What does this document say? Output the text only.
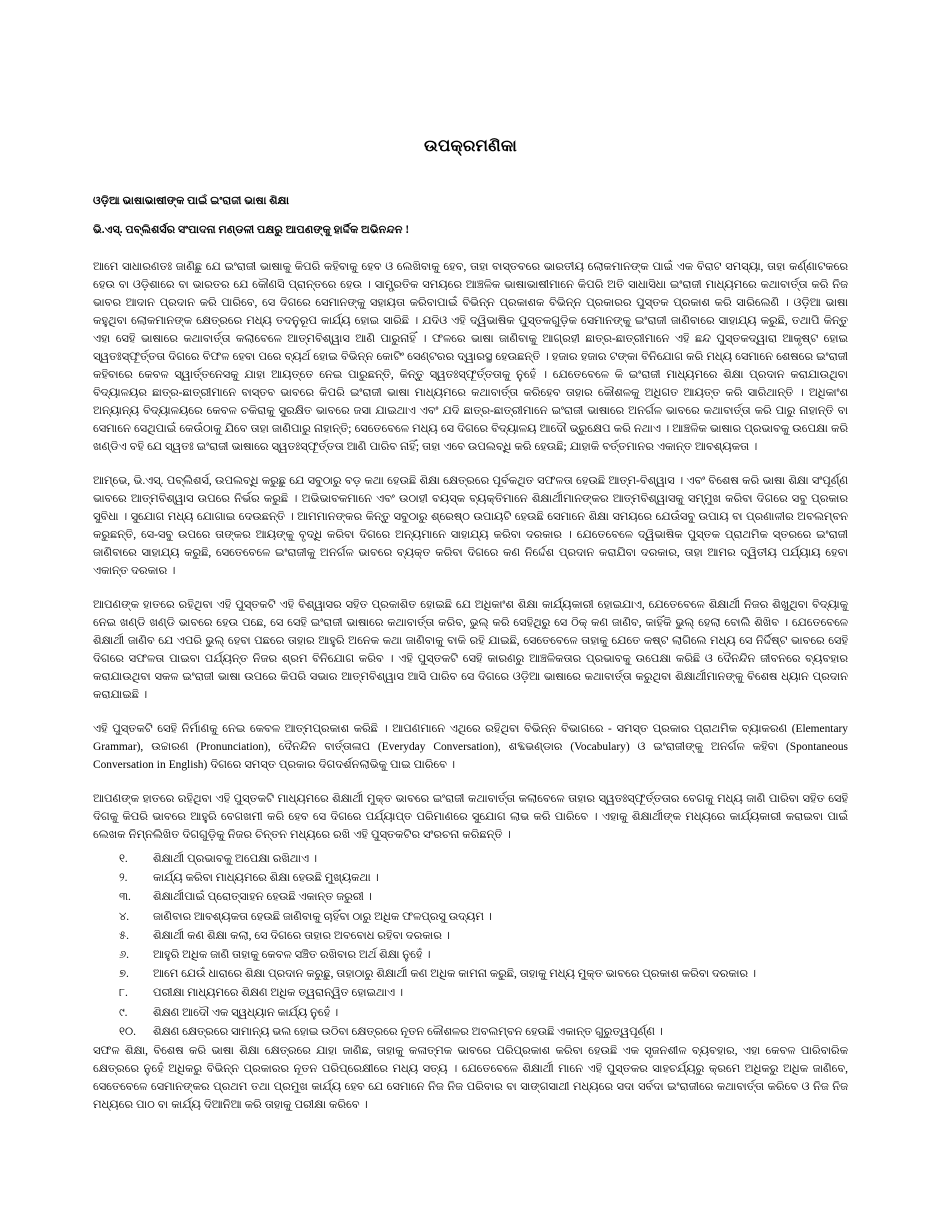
ଉପକ୍ରମଣିକା

ଓଡ଼ିଆ ଭାଷାଭାଷୀଙ୍କ ପାଇଁ ଇଂରାଜୀ ଭାଷା ଶିକ୍ଷା

ଭି.ଏସ୍. ପବ୍ଲିଶର୍ସର ସଂପାଦନା ମଣ୍ଡଳୀ ପକ୍ଷରୁ ଆପଣଙ୍କୁ ହାର୍ଦ୍ଦିକ ଅଭିନନ୍ଦନ !

ଆମେ ସାଧାରଣତଃ ଜାଣିଛୁ ଯେ ଇଂରାଜୀ ଭାଷାକୁ କିପରି କହିବାକୁ ହେବ ଓ ଲେଖିବାକୁ ହେବ, ତାହା ବାସ୍ତବରେ ଭାରତୀୟ ଲୋକମାନଙ୍କ ପାଇଁ ଏକ ବିରାଟ ସମସ୍ୟା, ତାହା କର୍ଣ୍ଣାଟକରେ ହେଉ ବା ଓଡ଼ିଶାରେ ବା ଭାରତର ଯେ କୌଣସି ପ୍ରାନ୍ତରେ ହେଉ । ସାମ୍ପ୍ରତିକ ସମୟରେ ଆଞ୍ଚଳିକ ଭାଷାଭାଷୀମାନେ କିପରି ଅତି ସାଧାସିଧା ଇଂରାଜୀ ମାଧ୍ୟମରେ କଥାବାର୍ତ୍ତା କରି ନିଜ ଭାବର ଆଦାନ ପ୍ରଦାନ କରି ପାରିବେ, ସେ ଦିଗରେ ସେମାନଙ୍କୁ ସହାୟତା କରିବାପାଇଁ ବିଭିନ୍ନ ପ୍ରକାଶକ ବିଭିନ୍ନ ପ୍ରକାରର ପୁସ୍ତକ ପ୍ରକାଶ କରି ସାରିଲେଣି । ଓଡ଼ିଆ ଭାଷା କହୁଥିବା ଲୋକମାନଙ୍କ କ୍ଷେତ୍ରରେ ମଧ୍ୟ ତଦନୁରୂପ କାର୍ଯ୍ୟ ହୋଇ ସାରିଛି । ଯଦିଓ ଏହି ଦ୍ୱିଭାଷିକ ପୁସ୍ତକଗୁଡ଼ିକ ସେମାନଙ୍କୁ ଇଂରାଜୀ ଜାଣିବାରେ ସାହାଯ୍ୟ କରୁଛି, ତଥାପି କିନ୍ତୁ ଏହା ସେହି ଭାଷାରେ କଥାବାର୍ତ୍ତା କଲାବେଳେ ଆତ୍ମବିଶ୍ୱାସ ଆଣି ପାରୁନାହିଁ । ଫଳରେ ଭାଷା ଜାଣିବାକୁ ଆଗ୍ରହୀ ଛାତ୍ର-ଛାତ୍ରୀମାନେ ଏହି ଛନ୍ଦ ପୁସ୍ତକଦ୍ୱାରା ଆକୃଷ୍ଟ ହୋଇ ସ୍ୱତଃସ୍ଫୂର୍ତ୍ତତା ଦିଗରେ ବିଫଳ ହେବା ପରେ ବ୍ୟର୍ଥ ହୋଇ ବିଭିନ୍ନ କୋଟିଂ ସେଣ୍ଟରର ଦ୍ୱାରସ୍ଥ ହେଉଛନ୍ତି । ହଜାର ହଜାର ଟଙ୍କା ବିନିଯୋଗ କରି ମଧ୍ୟ ସେମାନେ ଶେଷରେ ଇଂରାଜୀ କହିବାରେ କେବଳ ସ୍ୱାର୍ତ୍ତନେସକୁ ଯାହା ଆୟତ୍ତେ ନେଇ ପାରୁଛନ୍ତି, କିନ୍ତୁ ସ୍ୱତଃସ୍ଫୂର୍ତ୍ତତାକୁ ନୁହେଁ । ଯେତେବେଳେ କି ଇଂରାଜୀ ମାଧ୍ୟମରେ ଶିକ୍ଷା ପ୍ରଦାନ କରାଯାଉଥିବା ବିଦ୍ୟାଳୟର ଛାତ୍ର-ଛାତ୍ରୀମାନେ ବାସ୍ତବ ଭାବରେ କିପରି ଇଂରାଜୀ ଭାଷା ମାଧ୍ୟମରେ କଥାବାର୍ତ୍ତା କରିହେବ ତାହାର କୌଶଳକୁ ଅଧିଗତ ଆୟତ୍ତ କରି ସାରିଥାନ୍ତି । ଅଧିକାଂଶ ଅନ୍ୟାନ୍ୟ ବିଦ୍ୟାଳୟରେ କେବଳ ଚକିରାକୁ ସୁରକ୍ଷିତ ଭାବରେ ଜସା ଯାଇଥାଏ ଏବଂ ଯଦି ଛାତ୍ର-ଛାତ୍ରୀମାନେ ଇଂରାଜୀ ଭାଷାରେ ଅନର୍ଗଳ ଭାବରେ କଥାବାର୍ତ୍ତା କରି ପାରୁ ନାହାନ୍ତି ବା ସେମାନେ ସେଥିପାଇଁ କେଉଁଠାକୁ ଯିବେ ତାହା ଜାଣିପାରୁ ନାହାନ୍ତି; ସେତେବେଳେ ମଧ୍ୟ ସେ ଦିଗରେ ବିଦ୍ୟାଳୟ ଆଦୌ ଭ୍ରୁକ୍ଷେପ କରି ନଥାଏ । ଆଞ୍ଚଳିକ ଭାଷାର ପ୍ରଭାବକୁ ଉପେକ୍ଷା କରି ଖଣ୍ଡିଏ ବହି ଯେ ସ୍ୱତଃ ଇଂରାଜୀ ଭାଷାରେ ସ୍ୱତଃସ୍ଫୂର୍ତ୍ତତା ଆଣି ପାରିବ ନାହିଁ; ତାହା ଏବେ ଉପଲବ୍ଧି କରି ହେଉଛି; ଯାହାକି ବର୍ତ୍ତମାନର ଏକାନ୍ତ ଆବଶ୍ୟକତା ।

ଆମ୍ଭେ, ଭି.ଏସ୍. ପବ୍ଲିଶର୍ସ, ଉପଲବ୍ଧି କରୁଛୁ ଯେ ସବୁଠାରୁ ବଡ଼ କଥା ହେଉଛି ଶିକ୍ଷା କ୍ଷେତ୍ରରେ ପୂର୍ବକଥିତ ସଫଳତା ହେଉଛି ଆତ୍ମ-ବିଶ୍ୱାସ । ଏବଂ ବିଶେଷ କରି ଭାଷା ଶିକ୍ଷା ସଂପୂର୍ଣ୍ଣ ଭାବରେ ଆତ୍ମବିଶ୍ୱାସ ଉପରେ ନିର୍ଭର କରୁଛି । ଅଭିଭାବକମାନେ ଏବଂ ଉଠାହୀ ବୟସ୍କ ବ୍ୟକ୍ତିମାନେ ଶିକ୍ଷାର୍ଥୀମାନଙ୍କର ଆତ୍ମବିଶ୍ୱାସକୁ ସମ୍ମୁଖ କରିବା ଦିଗରେ ସବୁ ପ୍ରକାର ସୁବିଧା । ସୁଯୋଗ ମଧ୍ୟ ଯୋଗାଇ ଦେଉଛନ୍ତି । ଆମମାନଙ୍କର କିନ୍ତୁ ସବୁଠାରୁ ଶ୍ରେଷ୍ଠ ଉପାୟଟି ହେଉଛି ସେମାନେ ଶିକ୍ଷା ସମୟରେ ଯେଉଁସବୁ ଉପାୟ ବା ପ୍ରଣାଳୀର ଅବଲମ୍ବନ କରୁଛନ୍ତି, ସେ-ସବୁ ଉପରେ ତାଙ୍କର ଆୟଙ୍କୁ ବୃଦ୍ଧି କରିବା ଦିଗରେ ଅନ୍ୟମାନେ ସାହାଯ୍ୟ କରିବା ଦରକାର । ଯେତେବେଳେ ଦ୍ୱିଭାଷିକ ପୁସ୍ତକ ପ୍ରାଥମିକ ସ୍ତରରେ ଇଂରାଜୀ ଜାଣିବାରେ ସାହାଯ୍ୟ କରୁଛି, ସେତେବେଳେ ଇଂରାଜୀକୁ ଅନର୍ଗଳ ଭାବରେ ବ୍ୟକ୍ତ କରିବା ଦିଗରେ କଣ ନିର୍ଦ୍ଦେଶ ପ୍ରଦାନ କରାଯିବା ଦରକାର, ତାହା ଆମର ଦ୍ୱିତୀୟ ପର୍ଯ୍ୟାୟ ହେବା ଏକାନ୍ତ ଦରକାର ।

ଆପଣଙ୍କ ହାତରେ ରହିଥିବା ଏହି ପୁସ୍ତକଟି ଏହି ବିଶ୍ୱାସର ସହିତ ପ୍ରକାଶିତ ହୋଇଛି ଯେ ଅଧିକାଂଶ ଶିକ୍ଷା କାର୍ଯ୍ୟକାରୀ ହୋଇଯାଏ, ଯେତେବେଳେ ଶିକ୍ଷାର୍ଥୀ ନିଜର ଶିଖୁଥିବା ବିଦ୍ୟାକୁ ନେଇ ଖଣ୍ଡି ଖଣ୍ଡି ଭାବରେ ହେଉ ପଛେ, ସେ ସେହି ଇଂରାଜୀ ଭାଷାରେ କଥାବାର୍ତ୍ତା କରିବ, ଭୁଲ୍ କରି ସେହିଥିରୁ ସେ ଠିକ୍ କଣ ଜାଣିବ, କାହିଁକି ଭୁଲ୍ ହେଲା ବୋଲି ଶିଖିବ । ଯେତେବେଳେ ଶିକ୍ଷାର୍ଥୀ ଜାଣିବ ଯେ ଏପରି ଭୁଲ୍ ହେବା ପଛରେ ତାହାର ଆହୁରି ଅନେକ କଥା ଜାଣିବାକୁ ବାକି ରହି ଯାଇଛି, ସେତେବେଳେ ତାହାକୁ ଯେତେ କଷ୍ଟ ଲାଗିଲେ ମଧ୍ୟ ସେ ନିର୍ଦ୍ଦିଷ୍ଟ ଭାବରେ ସେହି ଦିଗରେ ସଫଳତା ପାଇବା ପର୍ଯ୍ୟନ୍ତ ନିଜର ଶ୍ରମ ବିନିଯୋଗ କରିବ । ଏହି ପୁସ୍ତକଟି ସେହି କାରଣରୁ ଆଞ୍ଚଳିକତାର ପ୍ରଭାବକୁ ଉପେକ୍ଷା କରିଛି ଓ ଦୈନନ୍ଦିନ ଜୀବନରେ ବ୍ୟବହାର କରାଯାଉଥିବା ସକଳ ଇଂରାଜୀ ଭାଷା ଉପରେ କିପରି ସଭାର ଆତ୍ମବିଶ୍ୱାସ ଆସି ପାରିବ ସେ ଦିଗରେ ଓଡ଼ିଆ ଭାଷାରେ କଥାବାର୍ତ୍ତା କରୁଥିବା ଶିକ୍ଷାର୍ଥୀମାନଙ୍କୁ ବିଶେଷ ଧ୍ୟାନ ପ୍ରଦାନ କରାଯାଇଛି ।

ଏହି ପୁସ୍ତକଟି ସେହି ନିର୍ମାଣକୁ ନେଇ କେବଳ ଆତ୍ମପ୍ରକାଶ କରିଛି । ଆପଣମାନେ ଏଥିରେ ରହିଥିବା ବିଭିନ୍ନ ବିଭାଗରେ - ସମସ୍ତ ପ୍ରକାର ପ୍ରାଥମିକ ବ୍ୟାକରଣ (Elementary Grammar), ଉଚ୍ଚାରଣ (Pronunciation), ଦୈନନ୍ଦିନ ବାର୍ତ୍ତାଳାପ (Everyday Conversation), ଶବ୍ଦଭଣ୍ଡାର (Vocabulary) ଓ ଇଂରାଜୀଙ୍କୁ ଅନର୍ଗଳ କହିବା (Spontaneous Conversation in English) ଦିଗରେ ସମସ୍ତ ପ୍ରକାର ଦିଗଦର୍ଶନଲାଭିକୁ ପାଇ ପାରିବେ ।

ଆପଣଙ୍କ ହାତରେ ରହିଥିବା ଏହି ପୁସ୍ତକଟି ମାଧ୍ୟମରେ ଶିକ୍ଷାର୍ଥୀ ମୁକ୍ତ ଭାବରେ ଇଂରାଜୀ କଥାବାର୍ତ୍ତା କଲାବେଳେ ତାହାର ସ୍ୱତଃସ୍ଫୂର୍ତ୍ତତାର ବେଗକୁ ମଧ୍ୟ ଜାଣି ପାରିବା ସହିତ ସେହି ଦିଗକୁ କିପରି ଭାବରେ ଆହୁରି ବେଗଖମୀ କରି ହେବ ସେ ଦିଗରେ ପର୍ଯ୍ୟାପ୍ତ ପରିମାଣରେ ସୁଯୋଗ ଲାଭ କରି ପାରିବେ । ଏହାକୁ ଶିକ୍ଷାର୍ଥୀଙ୍କ ମଧ୍ୟରେ କାର୍ଯ୍ୟକାରୀ କରାଇବା ପାଇଁ ଲେଖକ ନିମ୍ନଲିଖିତ ଦିଗଗୁଡ଼ିକୁ ନିଜର ଚିନ୍ତନ ମଧ୍ୟରେ ରଖି ଏହି ପୁସ୍ତକଟିର ସଂରଚନା କରିଛନ୍ତି ।

୧.	ଶିକ୍ଷାର୍ଥୀ ପ୍ରଭାବକୁ ଅପେକ୍ଷା ରଖିଥାଏ ।
୨.	କାର୍ଯ୍ୟ କରିବା ମାଧ୍ୟମରେ ଶିକ୍ଷା ହେଉଛି ମୁଖ୍ୟକଥା ।
୩.	ଶିକ୍ଷାର୍ଥୀପାଇଁ ପ୍ରୋତ୍ସାହନ ହେଉଛି ଏକାନ୍ତ ଜରୁରୀ ।
୪.	ଜାଣିବାର ଆବଶ୍ୟକତା ହେଉଛି ଜାଣିବାକୁ ଚାହିଁବା ଠାରୁ ଅଧିକ ଫଳପ୍ରସୁ ଉଦ୍ୟମ ।
୫.	ଶିକ୍ଷାର୍ଥୀ କଣ ଶିକ୍ଷା କଲା, ସେ ଦିଗରେ ତାହାର ଅବବୋଧ ରହିବା ଦରକାର ।
୬.	ଆହୁରି ଅଧିକ ଜାଣି ତାହାକୁ କେବଳ ସଞ୍ଚିତ ରଖିବାର ଅର୍ଥ ଶିକ୍ଷା ନୁହେଁ ।
୭.	ଆମେ ଯେଉଁ ଧାରାରେ ଶିକ୍ଷା ପ୍ରଦାନ କରୁଛୁ, ତାହାଠାରୁ ଶିକ୍ଷାର୍ଥୀ କଣ ଅଧିକ କାମନା କରୁଛି, ତାହାକୁ ମଧ୍ୟ ମୁକ୍ତ ଭାବରେ ପ୍ରକାଶ କରିବା ଦରକାର ।
୮.	ପରୀକ୍ଷା ମାଧ୍ୟମରେ ଶିକ୍ଷଣ ଅଧିକ ତ୍ୱରାନ୍ୱିତ ହୋଇଥାଏ ।
୯.	ଶିକ୍ଷଣ ଆଦୌ ଏକ ସ୍ୱଧ୍ୟାନ କାର୍ଯ୍ୟ ନୁହେଁ ।
୧୦.	ଶିକ୍ଷଣ କ୍ଷେତ୍ରରେ ସାମାନ୍ୟ ଭଲ ହୋଇ ଉଠିବା କ୍ଷେତ୍ରରେ ନୂତନ କୌଶଳର ଅବଲମ୍ବନ ହେଉଛି ଏକାନ୍ତ ଗୁରୁତ୍ୱପୂର୍ଣ୍ଣ ।

ସଫଳ ଶିକ୍ଷା, ବିଶେଷ କରି ଭାଷା ଶିକ୍ଷା କ୍ଷେତ୍ରରେ ଯାହା ଜାଣିଛ, ତାହାକୁ କଳାତ୍ମକ ଭାବରେ ପରିପ୍ରକାଶ କରିବା ହେଉଛି ଏକ ସୃଜନଶୀଳ ବ୍ୟବହାର, ଏହା କେବଳ ପାରିବାରିକ କ୍ଷେତ୍ରରେ ନୁହେଁ ଅଧିକରୁ ବିଭିନ୍ନ ପ୍ରକାରର ନୂତନ ପରିପ୍ରେକ୍ଷୀରେ ମଧ୍ୟ ସତ୍ୟ । ଯେତେବେଳେ ଶିକ୍ଷାର୍ଥୀ ମାନେ ଏହି ପୁସ୍ତକର ସାହଚର୍ଯ୍ୟରୁ କ୍ରମେ ଅଧିକରୁ ଅଧିକ ଜାଣିବେ, ସେତେବେଳେ ସେମାନଙ୍କର ପ୍ରଥମ ତଥା ପ୍ରମୁଖ କାର୍ଯ୍ୟ ହେବ ଯେ ସେମାନେ ନିଜ ନିଜ ପରିବାର ବା ସାଙ୍ଗସାଥୀ ମଧ୍ୟରେ ସଦା ସର୍ବଦା ଇଂରାଜୀରେ କଥାବାର୍ତ୍ତା କରିବେ ଓ ନିଜ ନିଜ ମଧ୍ୟରେ ପାଠ ବା କାର୍ଯ୍ୟ ଦିଆନିଆ କରି ତାହାକୁ ପରୀକ୍ଷା କରିବେ ।
